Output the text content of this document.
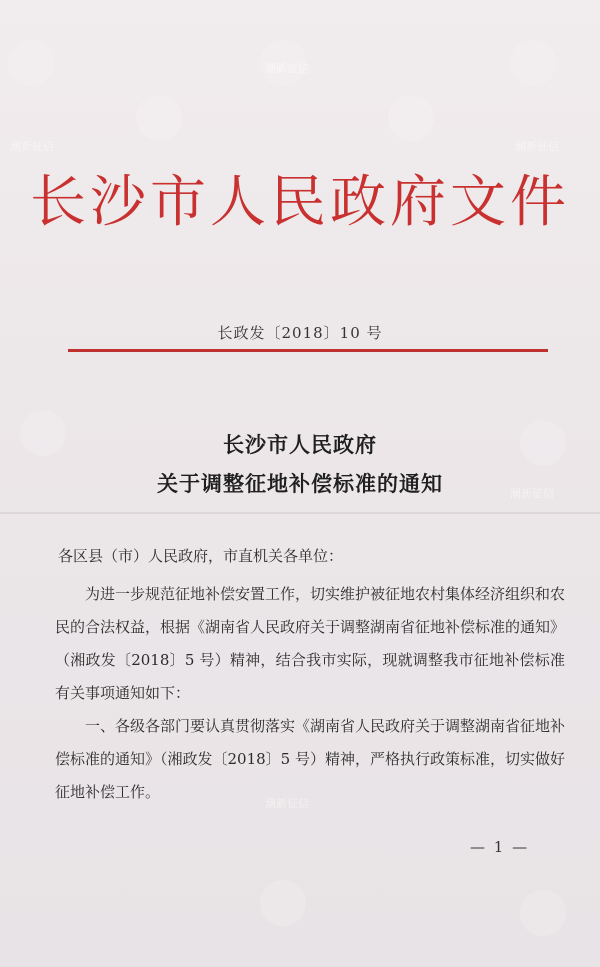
潮新征信
潮新征信
潮新征信
潮新征信
潮新征信
长沙市人民政府文件
长政发〔2018〕10 号
长沙市人民政府
关于调整征地补偿标准的通知
各区县（市）人民政府，市直机关各单位：
为进一步规范征地补偿安置工作，切实维护被征地农村集体经济组织和农民的合法权益，根据《湖南省人民政府关于调整湖南省征地补偿标准的通知》（湘政发〔2018〕5 号）精神，结合我市实际，现就调整我市征地补偿标准有关事项通知如下：
一、各级各部门要认真贯彻落实《湖南省人民政府关于调整湖南省征地补偿标准的通知》（湘政发〔2018〕5 号）精神，严格执行政策标准，切实做好征地补偿工作。
— 1 —
